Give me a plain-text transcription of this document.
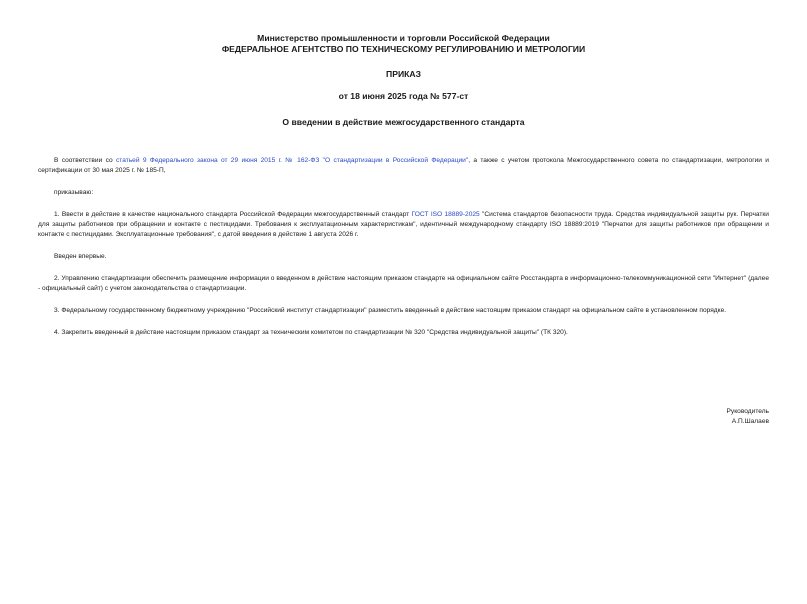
Министерство промышленности и торговли Российской Федерации
ФЕДЕРАЛЬНОЕ АГЕНТСТВО ПО ТЕХНИЧЕСКОМУ РЕГУЛИРОВАНИЮ И МЕТРОЛОГИИ
ПРИКАЗ
от 18 июня 2025 года № 577-ст
О введении в действие межгосударственного стандарта
В соответствии со статьей 9 Федерального закона от 29 июня 2015 г. № 162-ФЗ "О стандартизации в Российской Федерации", а также с учетом протокола Межгосударственного совета по стандартизации, метрологии и сертификации от 30 мая 2025 г. № 185-П,
приказываю:
1. Ввести в действие в качестве национального стандарта Российской Федерации межгосударственный стандарт ГОСТ ISO 18889-2025 "Система стандартов безопасности труда. Средства индивидуальной защиты рук. Перчатки для защиты работников при обращении и контакте с пестицидами. Требования к эксплуатационным характеристикам", идентичный международному стандарту ISO 18889:2019 "Перчатки для защиты работников при обращении и контакте с пестицидами. Эксплуатационные требования", с датой введения в действие 1 августа 2026 г.
Введен впервые.
2. Управлению стандартизации обеспечить размещение информации о введенном в действие настоящим приказом стандарте на официальном сайте Росстандарта в информационно-телекоммуникационной сети "Интернет" (далее - официальный сайт) с учетом законодательства о стандартизации.
3. Федеральному государственному бюджетному учреждению "Российский институт стандартизации" разместить введенный в действие настоящим приказом стандарт на официальном сайте в установленном порядке.
4. Закрепить введенный в действие настоящим приказом стандарт за техническим комитетом по стандартизации № 320 "Средства индивидуальной защиты" (ТК 320).
Руководитель
А.П.Шалаев
